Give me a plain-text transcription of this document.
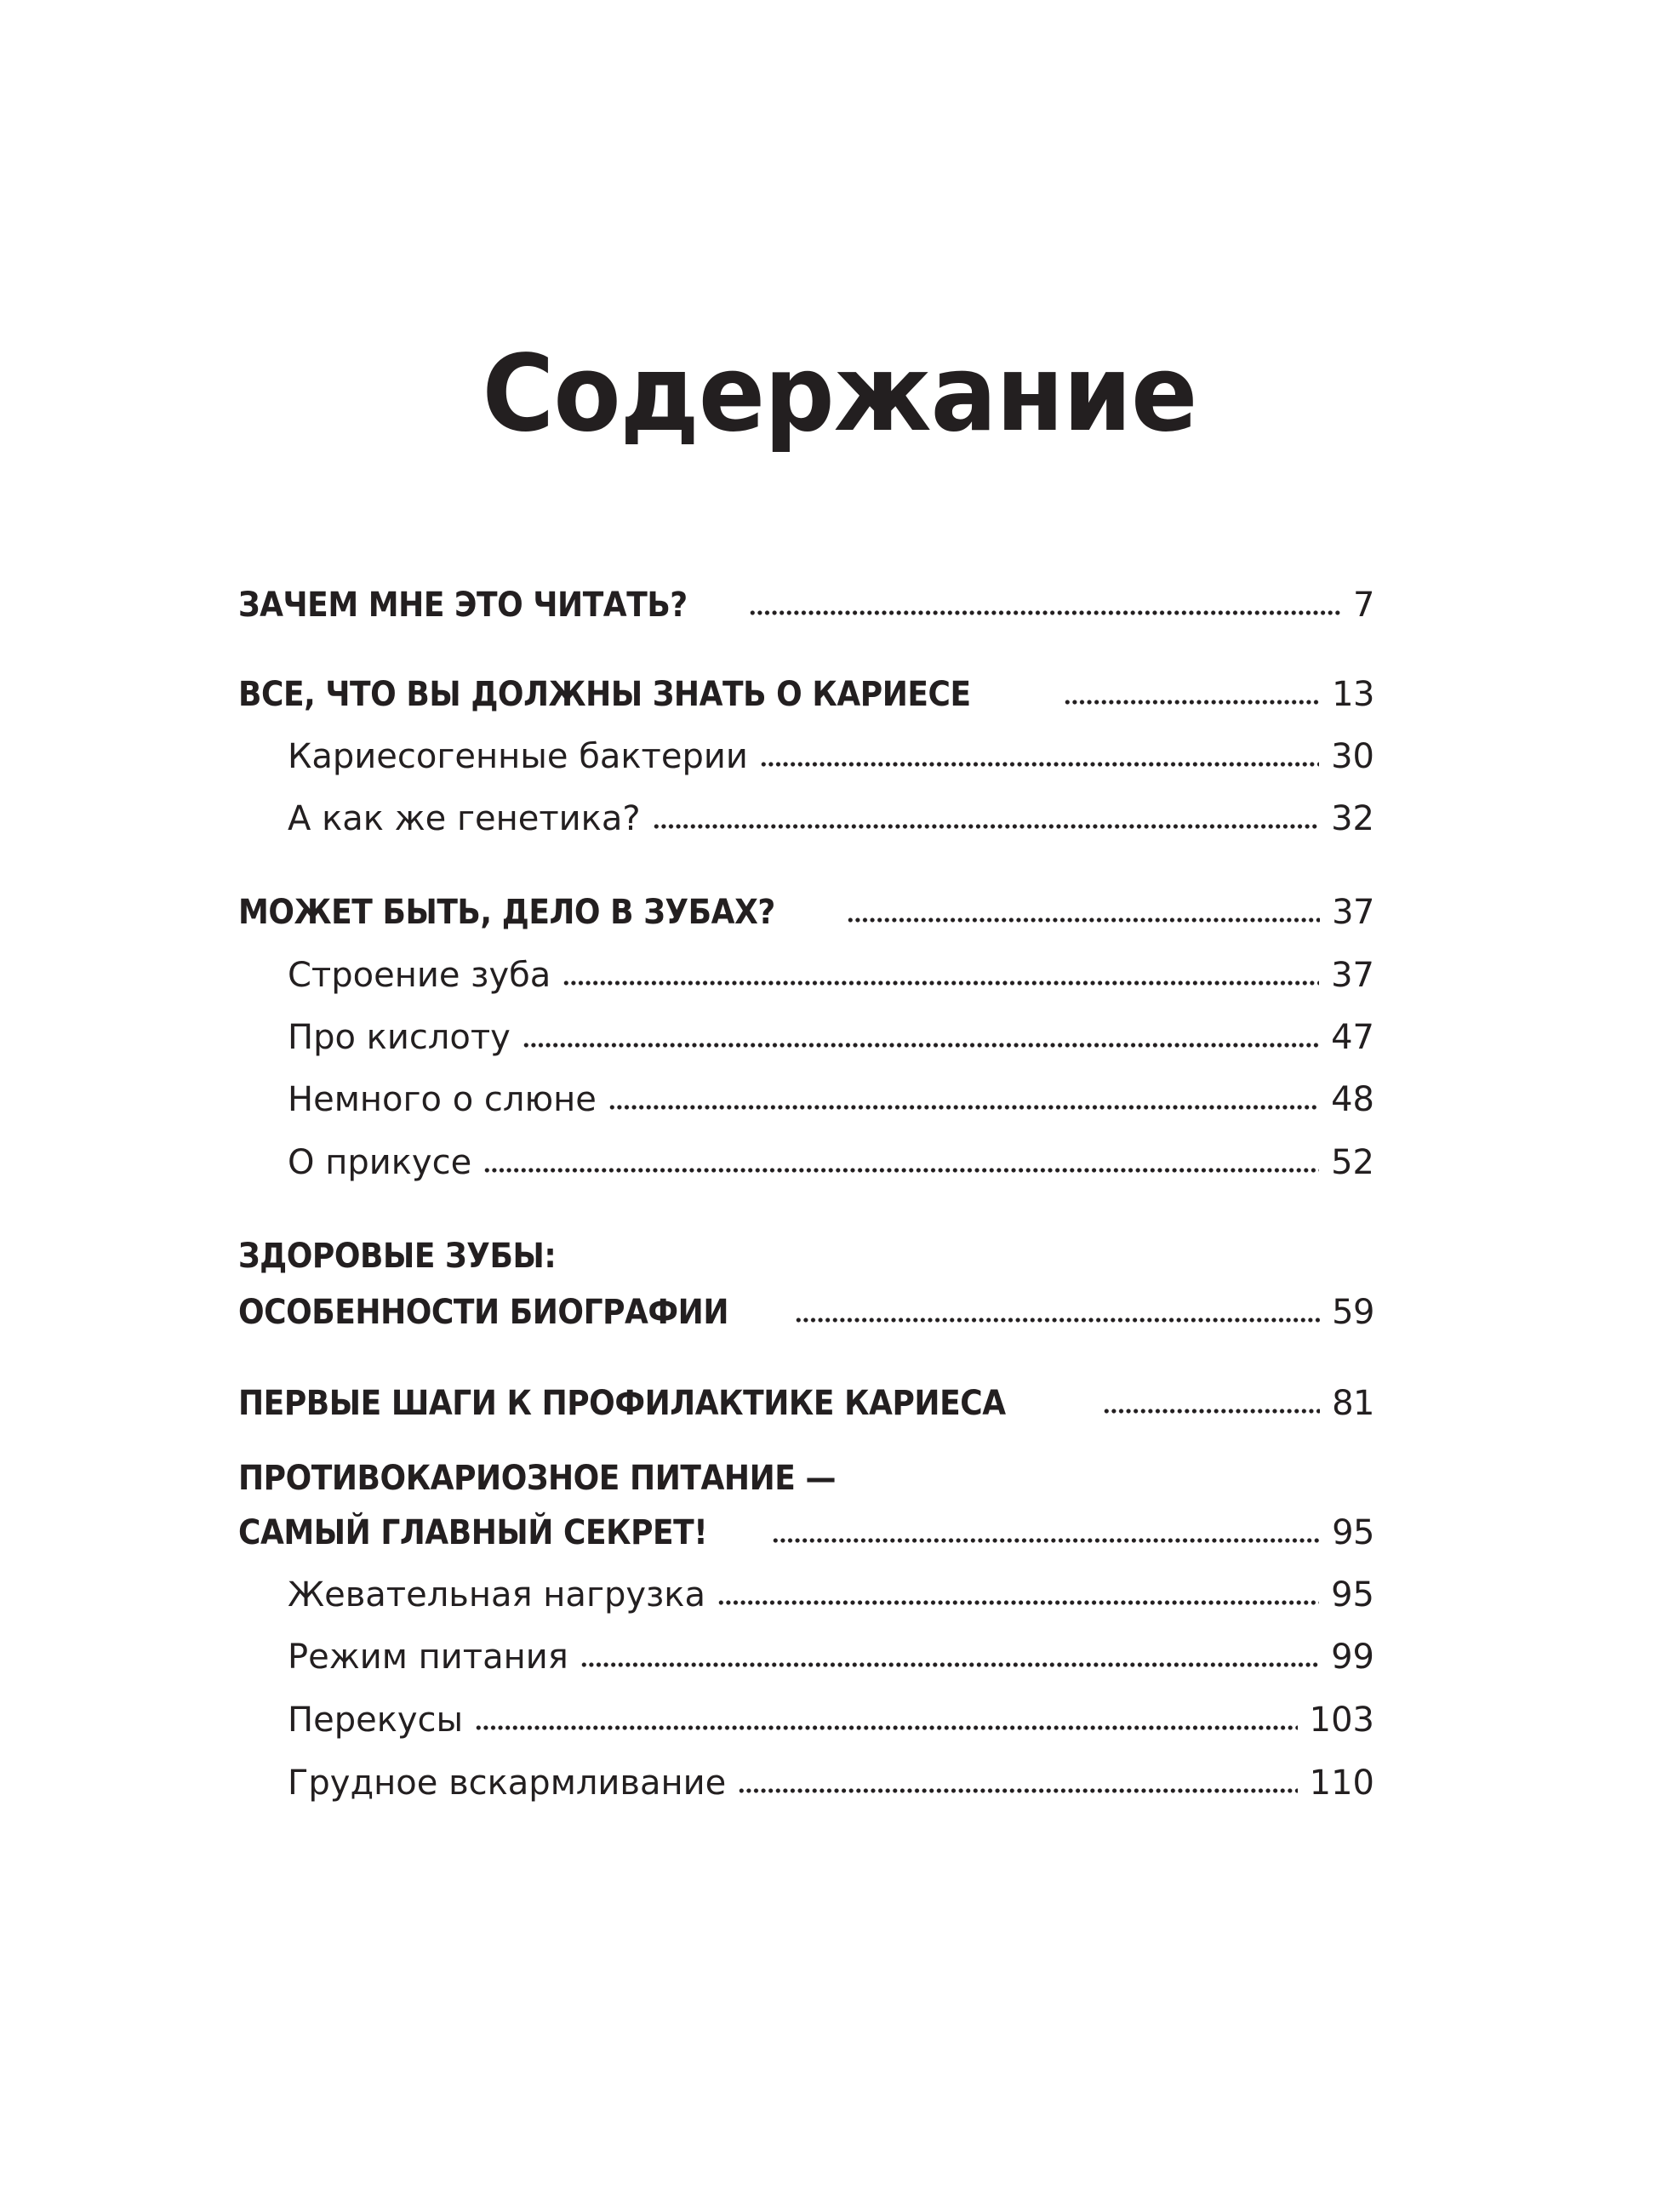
Содержание
ЗАЧЕМ МНЕ ЭТО ЧИТАТЬ?	7
ВСЕ, ЧТО ВЫ ДОЛЖНЫ ЗНАТЬ О КАРИЕСЕ	13
Кариесогенные бактерии	30
А как же генетика?	32
МОЖЕТ БЫТЬ, ДЕЛО В ЗУБАХ?	37
Строение зуба	37
Про кислоту	47
Немного о слюне	48
О прикусе	52
ЗДОРОВЫЕ ЗУБЫ:
ОСОБЕННОСТИ БИОГРАФИИ	59
ПЕРВЫЕ ШАГИ К ПРОФИЛАКТИКЕ КАРИЕСА	81
ПРОТИВОКАРИОЗНОЕ ПИТАНИЕ —
САМЫЙ ГЛАВНЫЙ СЕКРЕТ!	95
Жевательная нагрузка	95
Режим питания	99
Перекусы	103
Грудное вскармливание	110
